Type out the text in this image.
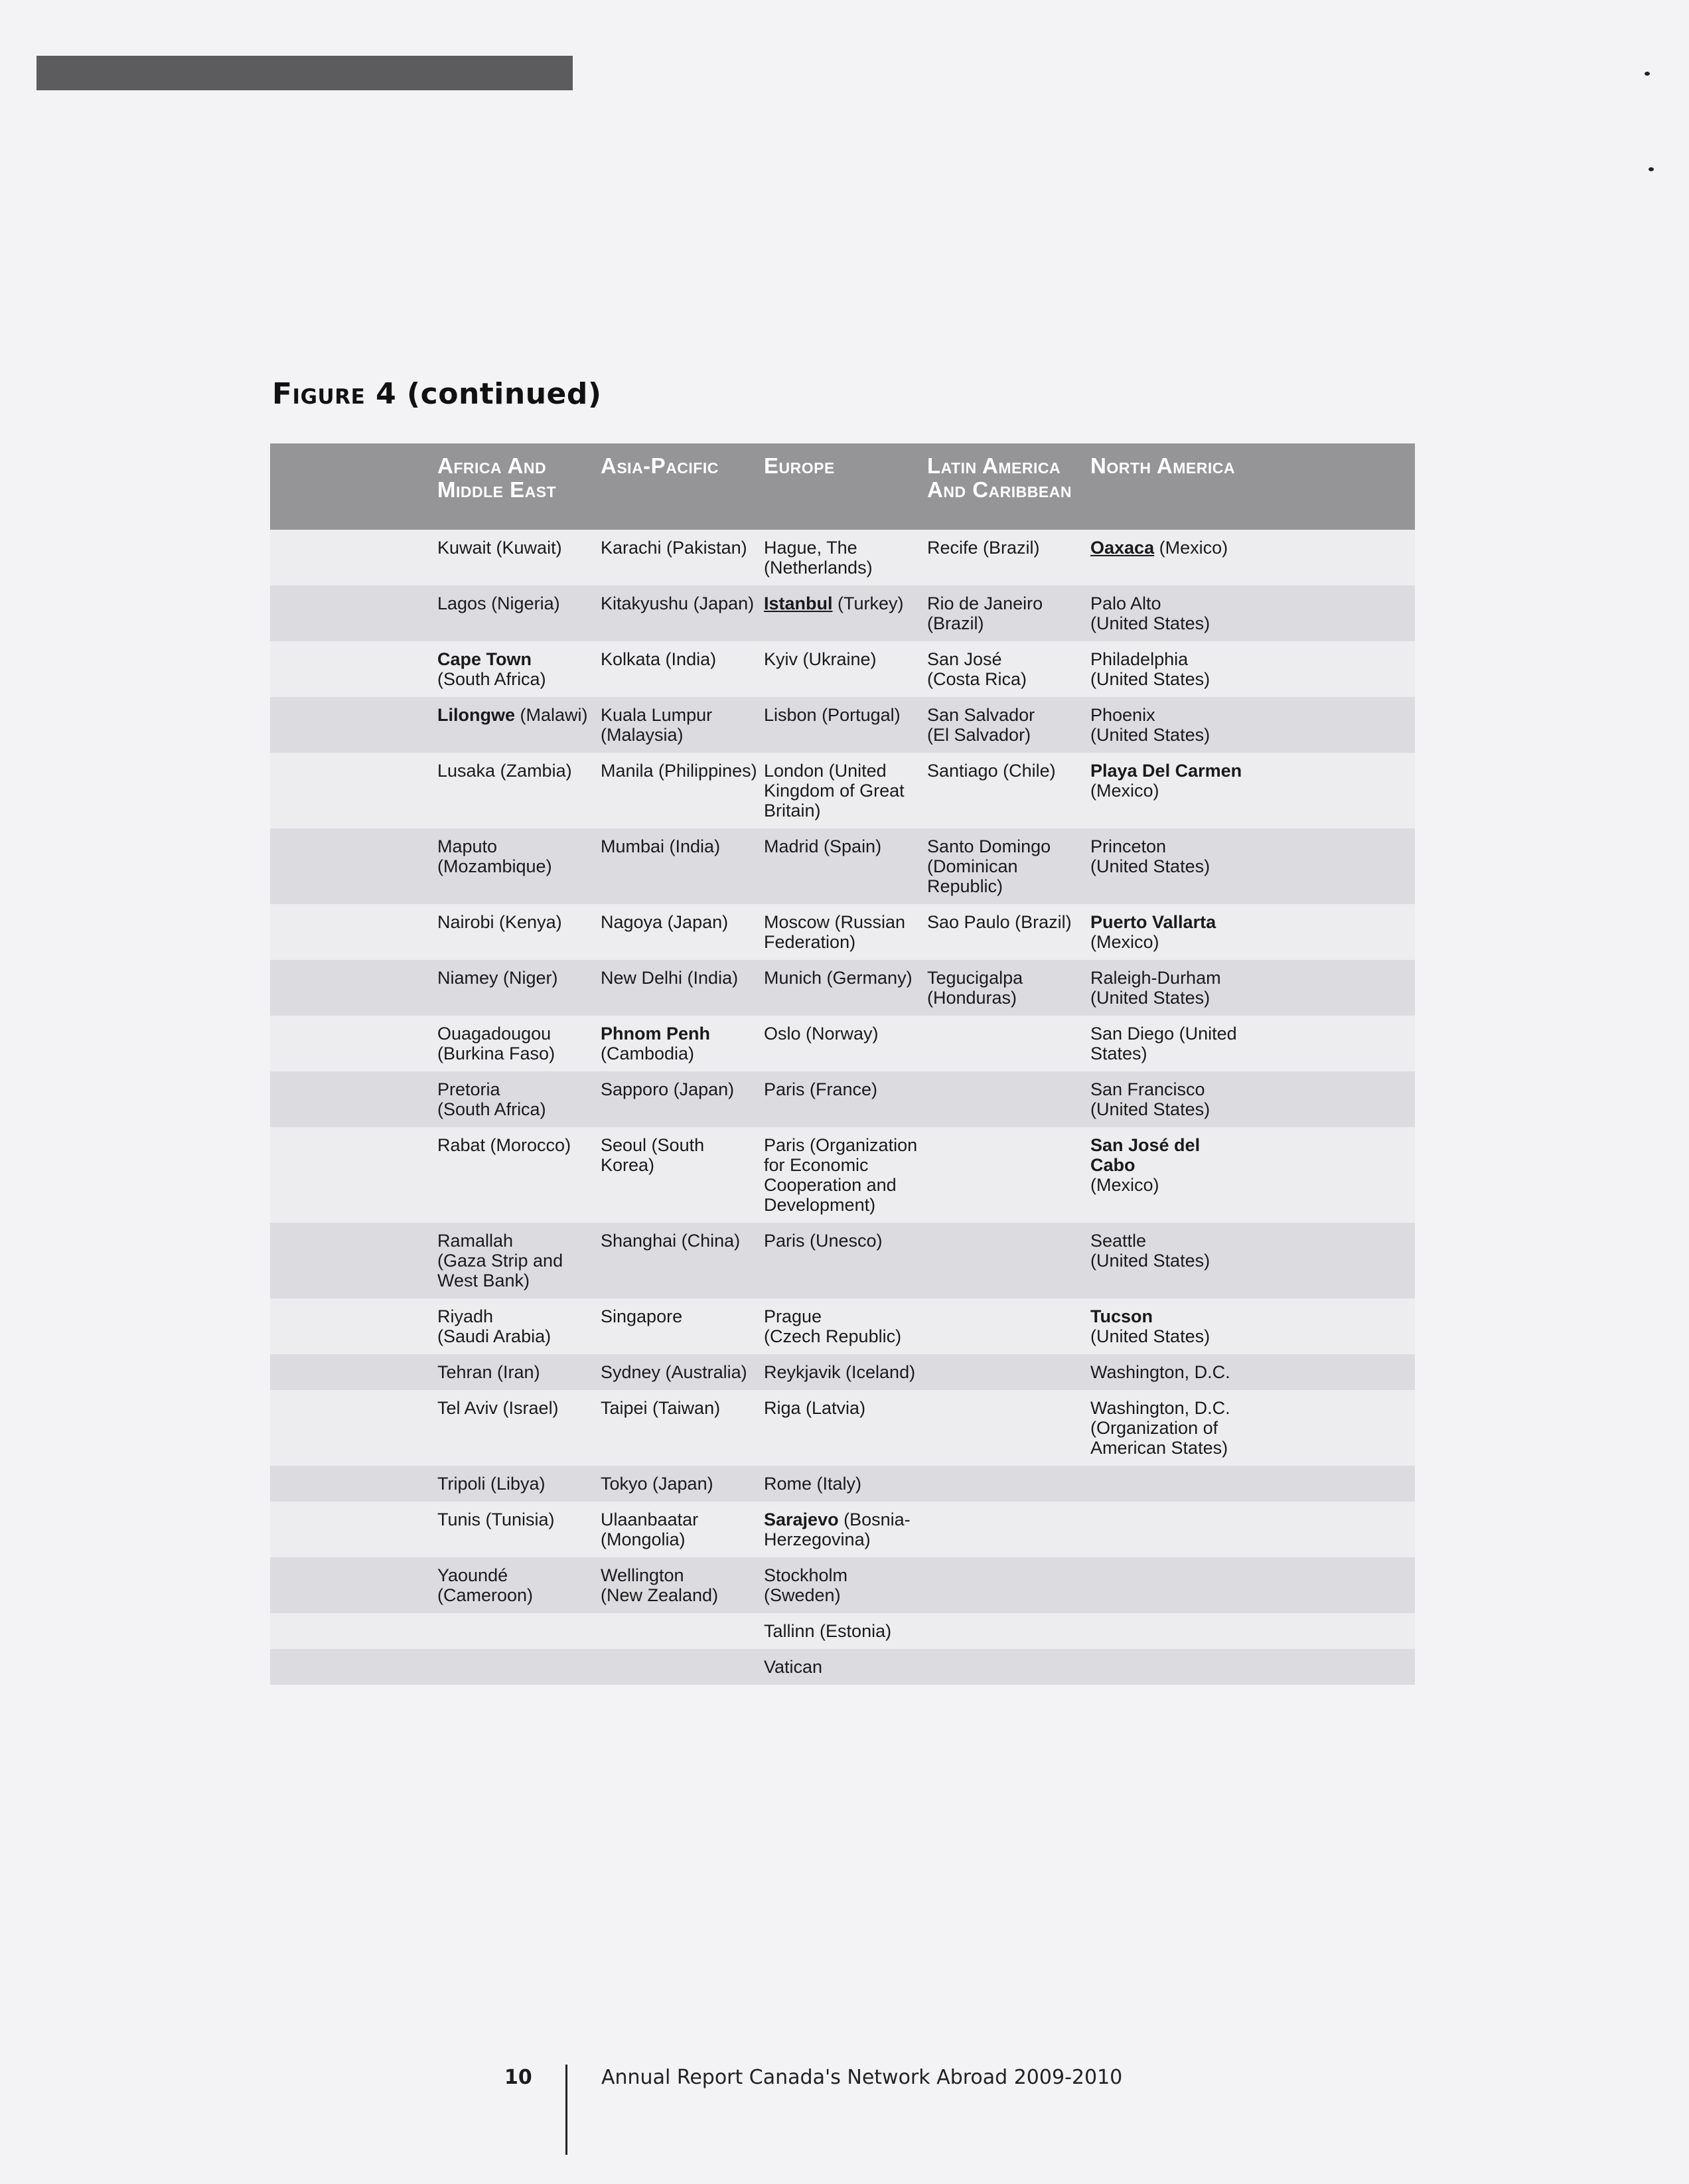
Figure 4 (continued)
	Africa And
Middle East	Asia-Pacific	Europe	Latin America
And Caribbean	North America	
	Kuwait (Kuwait)	Karachi (Pakistan)	Hague, The
(Netherlands)	Recife (Brazil)	Oaxaca (Mexico)	
	Lagos (Nigeria)	Kitakyushu (Japan)	Istanbul (Turkey)	Rio de Janeiro
(Brazil)	Palo Alto
(United States)	
	Cape Town
(South Africa)	Kolkata (India)	Kyiv (Ukraine)	San José
(Costa Rica)	Philadelphia
(United States)	
	Lilongwe (Malawi)	Kuala Lumpur
(Malaysia)	Lisbon (Portugal)	San Salvador
(El Salvador)	Phoenix
(United States)	
	Lusaka (Zambia)	Manila (Philippines)	London (United
Kingdom of Great
Britain)	Santiago (Chile)	Playa Del Carmen
(Mexico)	
	Maputo
(Mozambique)	Mumbai (India)	Madrid (Spain)	Santo Domingo
(Dominican
Republic)	Princeton
(United States)	
	Nairobi (Kenya)	Nagoya (Japan)	Moscow (Russian
Federation)	Sao Paulo (Brazil)	Puerto Vallarta
(Mexico)	
	Niamey (Niger)	New Delhi (India)	Munich (Germany)	Tegucigalpa
(Honduras)	Raleigh-Durham
(United States)	
	Ouagadougou
(Burkina Faso)	Phnom Penh
(Cambodia)	Oslo (Norway)		San Diego (United
States)	
	Pretoria
(South Africa)	Sapporo (Japan)	Paris (France)		San Francisco
(United States)	
	Rabat (Morocco)	Seoul (South Korea)	Paris (Organization
for Economic
Cooperation and
Development)		San José del Cabo
(Mexico)	
	Ramallah
(Gaza Strip and
West Bank)	Shanghai (China)	Paris (Unesco)		Seattle
(United States)	
	Riyadh
(Saudi Arabia)	Singapore	Prague
(Czech Republic)		Tucson
(United States)	
	Tehran (Iran)	Sydney (Australia)	Reykjavik (Iceland)		Washington, D.C.	
	Tel Aviv (Israel)	Taipei (Taiwan)	Riga (Latvia)		Washington, D.C.
(Organization of
American States)	
	Tripoli (Libya)	Tokyo (Japan)	Rome (Italy)			
	Tunis (Tunisia)	Ulaanbaatar
(Mongolia)	Sarajevo (Bosnia-
Herzegovina)			
	Yaoundé
(Cameroon)	Wellington
(New Zealand)	Stockholm
(Sweden)			
			Tallinn (Estonia)			
			Vatican			

10	Annual Report Canada's Network Abroad 2009-2010
